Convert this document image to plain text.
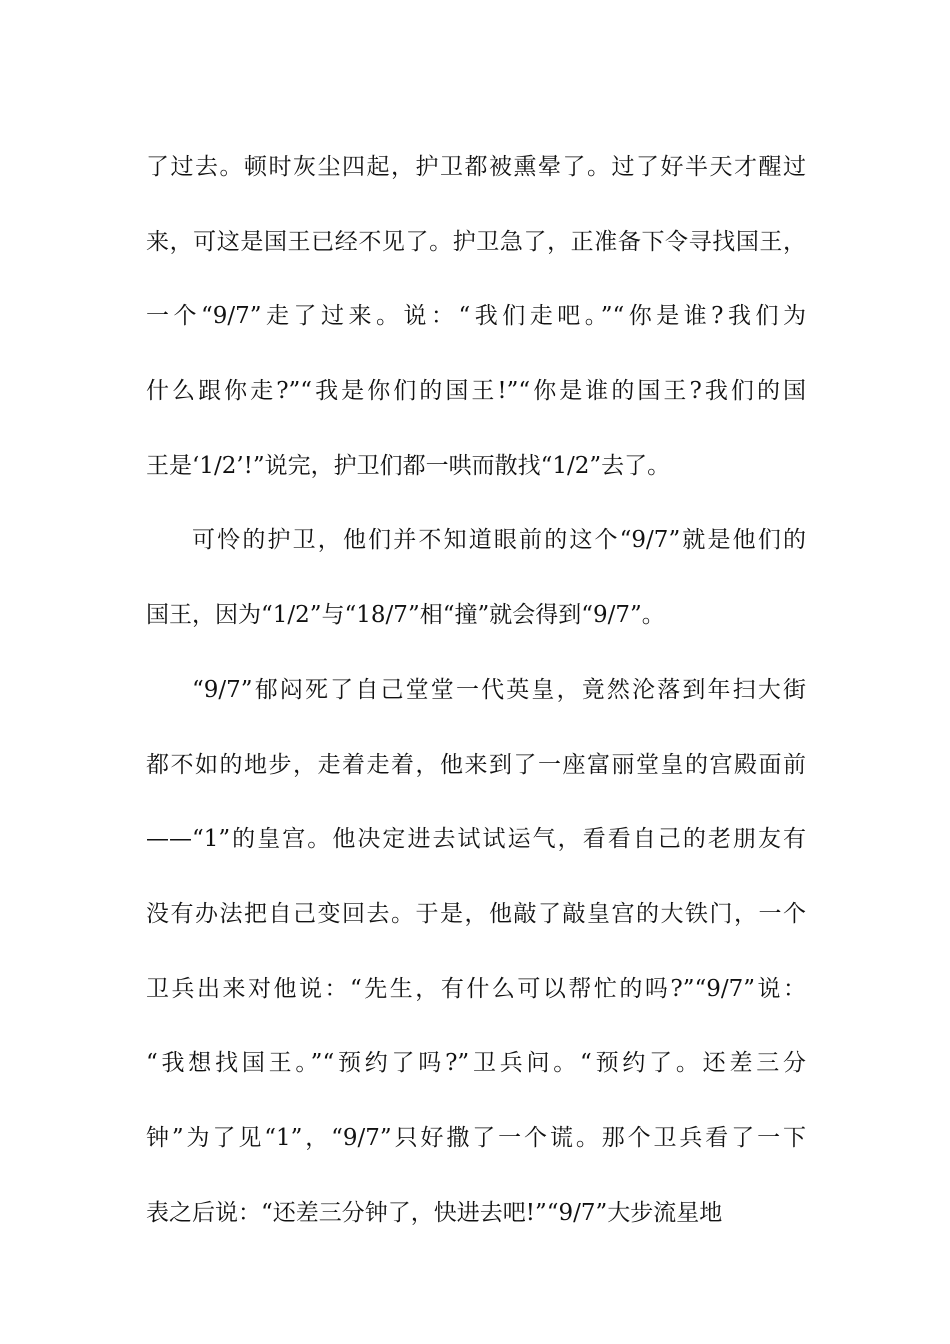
了过去。顿时灰尘四起，护卫都被熏晕了。过了好半天才醒过
来，可这是国王已经不见了。护卫急了，正准备下令寻找国王，
一个“9/7”走了过来。说：“我们走吧。”“你是谁?我们为
什么跟你走?”“我是你们的国王!”“你是谁的国王?我们的国
王是‘1/2’!”说完，护卫们都一哄而散找“1/2”去了。
可怜的护卫，他们并不知道眼前的这个“9/7”就是他们的
国王，因为“1/2”与“18/7”相“撞”就会得到“9/7”。
“9/7”郁闷死了自己堂堂一代英皇，竟然沦落到年扫大街
都不如的地步，走着走着，他来到了一座富丽堂皇的宫殿面前
——“1”的皇宫。他决定进去试试运气，看看自己的老朋友有
没有办法把自己变回去。于是，他敲了敲皇宫的大铁门，一个
卫兵出来对他说：“先生，有什么可以帮忙的吗?”“9/7”说：
“我想找国王。”“预约了吗?”卫兵问。“预约了。还差三分
钟”为了见“1”，“9/7”只好撒了一个谎。那个卫兵看了一下
表之后说：“还差三分钟了，快进去吧!”“9/7”大步流星地
